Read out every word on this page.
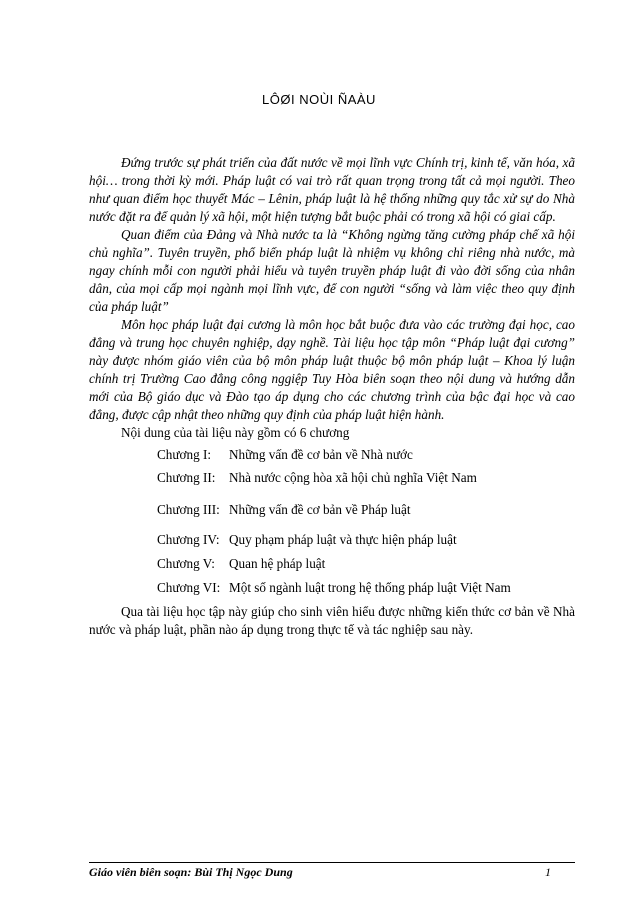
LÔØI NOÙI ÑAÀU

Đứng trước sự phát triển của đất nước về mọi lĩnh vực Chính trị, kinh tế, văn hóa, xã hội… trong thời kỳ mới. Pháp luật có vai trò rất quan trọng trong tất cả mọi người. Theo như quan điểm học thuyết Mác – Lênin, pháp luật là hệ thống những quy tắc xử sự do Nhà nước đặt ra để quản lý xã hội, một hiện tượng bắt buộc phải có trong xã hội có giai cấp.

Quan điểm của Đảng và Nhà nước ta là “Không ngừng tăng cường pháp chế xã hội chủ nghĩa”. Tuyên truyền, phổ biến pháp luật là nhiệm vụ không chỉ riêng nhà nước, mà ngay chính mỗi con người phải hiểu và tuyên truyền pháp luật đi vào đời sống của nhân dân, của mọi cấp mọi ngành mọi lĩnh vực, để con người “sống và làm việc theo quy định của pháp luật”

Môn học pháp luật đại cương là môn học bắt buộc đưa vào các trường đại học, cao đẳng và trung học chuyên nghiệp, dạy nghề. Tài liệu học tập môn “Pháp luật đại cương” này được nhóm giáo viên của bộ môn pháp luật thuộc bộ môn pháp luật – Khoa lý luận chính trị Trường Cao đẳng công nggiệp Tuy Hòa biên soạn theo nội dung và hướng dẫn mới của Bộ giáo dục và Đào tạo áp dụng cho các chương trình của bậc đại học và cao đẳng, được cập nhật theo những quy định của pháp luật hiện hành.

Nội dung của tài liệu này gồm có 6 chương

Chương I: Những vấn đề cơ bản về Nhà nước
Chương II: Nhà nước cộng hòa xã hội chủ nghĩa Việt Nam
Chương III: Những vấn đề cơ bản về Pháp luật
Chương IV: Quy phạm pháp luật và thực hiện pháp luật
Chương V: Quan hệ pháp luật
Chương VI: Một số ngành luật trong hệ thống pháp luật Việt Nam

Qua tài liệu học tập này giúp cho sinh viên hiểu được những kiến thức cơ bản về Nhà nước và pháp luật, phần nào áp dụng trong thực tế và tác nghiệp sau này.

Giáo viên biên soạn: Bùi Thị Ngọc Dung	1
